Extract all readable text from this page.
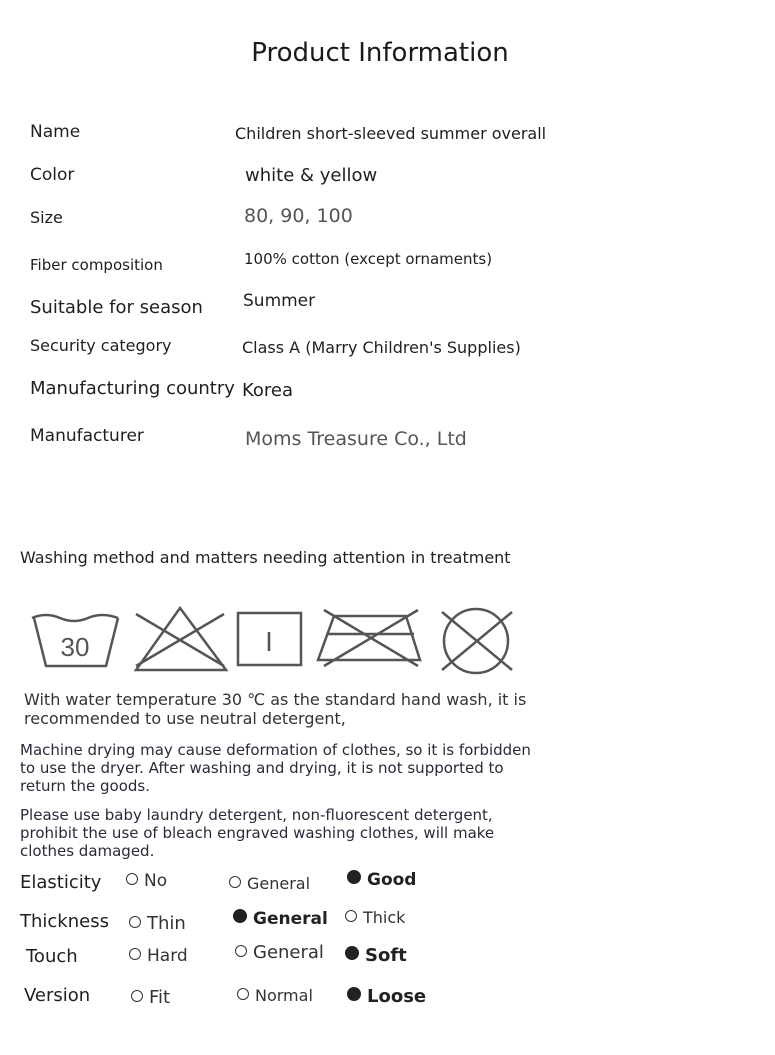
Product Information
Name	Children short-sleeved summer overall
Color	white & yellow
Size	80, 90, 100
Fiber composition	100% cotton (except ornaments)
Suitable for season Summer
Security category	Class A (Marry Children's Supplies)
Manufacturing country Korea
Manufacturer	Moms Treasure Co., Ltd
Washing method and matters needing attention in treatment
30	I
With water temperature 30 ℃ as the standard hand wash, it is recommended to use neutral detergent,
Machine drying may cause deformation of clothes, so it is forbidden to use the dryer. After washing and drying, it is not supported to return the goods.
Please use baby laundry detergent, non-fluorescent detergent, prohibit the use of bleach engraved washing clothes, will make clothes damaged.
Elasticity	No	General	Good
Thickness	Thin	General	Thick
Touch	Hard	General	Soft
Version	Fit	Normal	Loose
